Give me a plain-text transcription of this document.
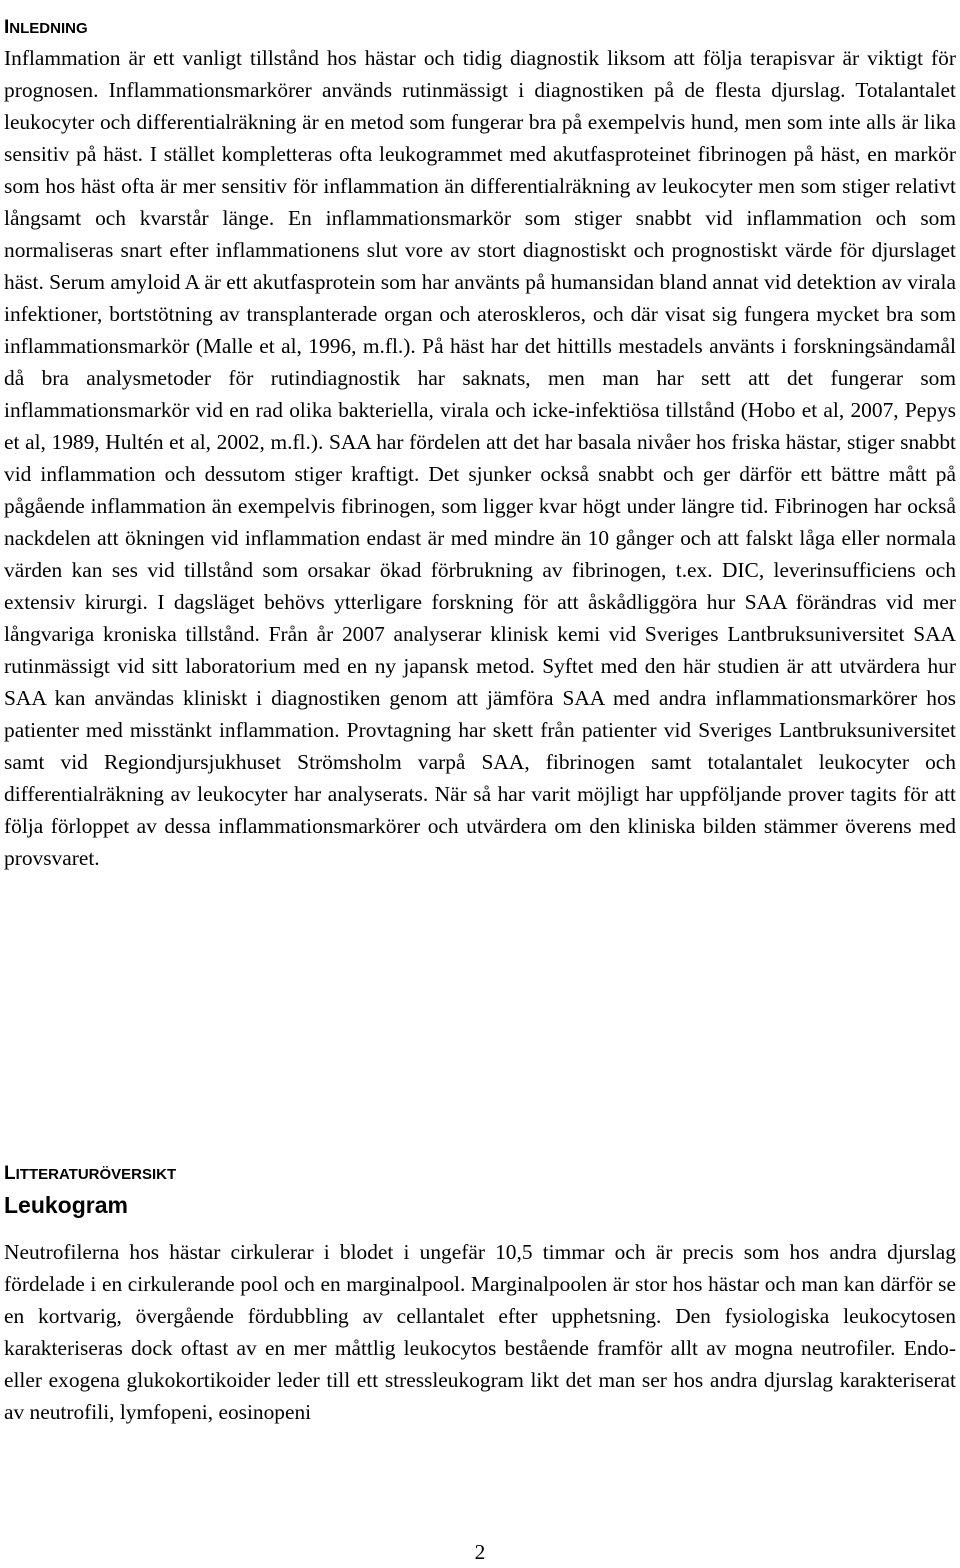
INLEDNING

Inflammation är ett vanligt tillstånd hos hästar och tidig diagnostik liksom att följa terapisvar är viktigt för prognosen. Inflammationsmarkörer används rutinmässigt i diagnostiken på de flesta djurslag. Totalantalet leukocyter och differentialräkning är en metod som fungerar bra på exempelvis hund, men som inte alls är lika sensitiv på häst. I stället kompletteras ofta leukogrammet med akutfasproteinet fibrinogen på häst, en markör som hos häst ofta är mer sensitiv för inflammation än differentialräkning av leukocyter men som stiger relativt långsamt och kvarstår länge. En inflammationsmarkör som stiger snabbt vid inflammation och som normaliseras snart efter inflammationens slut vore av stort diagnostiskt och prognostiskt värde för djurslaget häst. Serum amyloid A är ett akutfasprotein som har använts på humansidan bland annat vid detektion av virala infektioner, bortstötning av transplanterade organ och ateroskleros, och där visat sig fungera mycket bra som inflammationsmarkör (Malle et al, 1996, m.fl.). På häst har det hittills mestadels använts i forskningsändamål då bra analysmetoder för rutindiagnostik har saknats, men man har sett att det fungerar som inflammationsmarkör vid en rad olika bakteriella, virala och icke-infektiösa tillstånd (Hobo et al, 2007, Pepys et al, 1989, Hultén et al, 2002, m.fl.). SAA har fördelen att det har basala nivåer hos friska hästar, stiger snabbt vid inflammation och dessutom stiger kraftigt. Det sjunker också snabbt och ger därför ett bättre mått på pågående inflammation än exempelvis fibrinogen, som ligger kvar högt under längre tid. Fibrinogen har också nackdelen att ökningen vid inflammation endast är med mindre än 10 gånger och att falskt låga eller normala värden kan ses vid tillstånd som orsakar ökad förbrukning av fibrinogen, t.ex. DIC, leverinsufficiens och extensiv kirurgi. I dagsläget behövs ytterligare forskning för att åskådliggöra hur SAA förändras vid mer långvariga kroniska tillstånd. Från år 2007 analyserar klinisk kemi vid Sveriges Lantbruksuniversitet SAA rutinmässigt vid sitt laboratorium med en ny japansk metod. Syftet med den här studien är att utvärdera hur SAA kan användas kliniskt i diagnostiken genom att jämföra SAA med andra inflammationsmarkörer hos patienter med misstänkt inflammation. Provtagning har skett från patienter vid Sveriges Lantbruksuniversitet samt vid Regiondjursjukhuset Strömsholm varpå SAA, fibrinogen samt totalantalet leukocyter och differentialräkning av leukocyter har analyserats. När så har varit möjligt har uppföljande prover tagits för att följa förloppet av dessa inflammationsmarkörer och utvärdera om den kliniska bilden stämmer överens med provsvaret.

LITTERATURÖVERSIKT
Leukogram

Neutrofilerna hos hästar cirkulerar i blodet i ungefär 10,5 timmar och är precis som hos andra djurslag fördelade i en cirkulerande pool och en marginalpool. Marginalpoolen är stor hos hästar och man kan därför se en kortvarig, övergående fördubbling av cellantalet efter upphetsning. Den fysiologiska leukocytosen karakteriseras dock oftast av en mer måttlig leukocytos bestående framför allt av mogna neutrofiler. Endo- eller exogena glukokortikoider leder till ett stressleukogram likt det man ser hos andra djurslag karakteriserat av neutrofili, lymfopeni, eosinopeni

2
